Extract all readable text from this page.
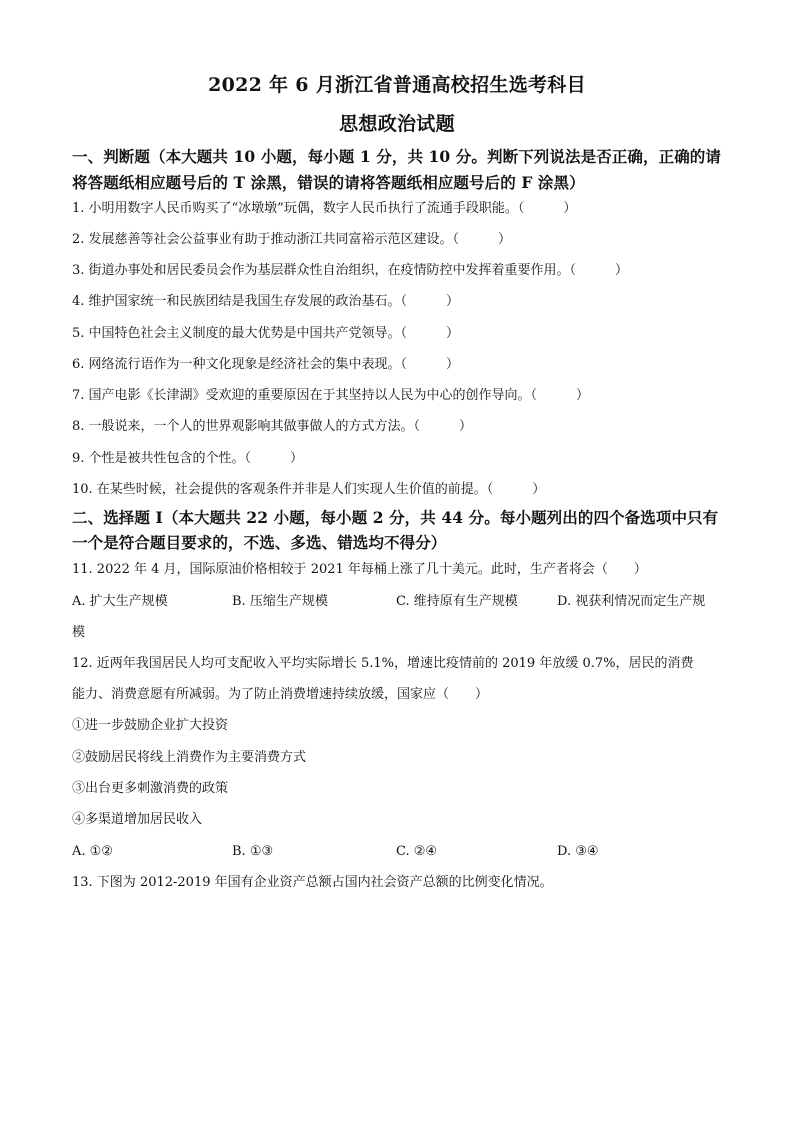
2022 年 6 月浙江省普通高校招生选考科目
思想政治试题
一、判断题（本大题共 10 小题，每小题 1 分，共 10 分。判断下列说法是否正确，正确的请
将答题纸相应题号后的 T 涂黑，错误的请将答题纸相应题号后的 F 涂黑）
1. 小明用数字人民币购买了“冰墩墩”玩偶，数字人民币执行了流通手段职能。（　　　）
2. 发展慈善等社会公益事业有助于推动浙江共同富裕示范区建设。（　　　）
3. 街道办事处和居民委员会作为基层群众性自治组织，在疫情防控中发挥着重要作用。（　　　）
4. 维护国家统一和民族团结是我国生存发展的政治基石。（　　　）
5. 中国特色社会主义制度的最大优势是中国共产党领导。（　　　）
6. 网络流行语作为一种文化现象是经济社会的集中表现。（　　　）
7. 国产电影《长津湖》受欢迎的重要原因在于其坚持以人民为中心的创作导向。（　　　）
8. 一般说来，一个人的世界观影响其做事做人的方式方法。（　　　）
9. 个性是被共性包含的个性。（　　　）
10. 在某些时候，社会提供的客观条件并非是人们实现人生价值的前提。（　　　）
二、选择题 I（本大题共 22 小题，每小题 2 分，共 44 分。每小题列出的四个备选项中只有
一个是符合题目要求的，不选、多选、错选均不得分）
11. 2022 年 4 月，国际原油价格相较于 2021 年每桶上涨了几十美元。此时，生产者将会（　　）
A. 扩大生产规模	B. 压缩生产规模	C. 维持原有生产规模	D. 视获利情况而定生产规
模
12. 近两年我国居民人均可支配收入平均实际增长 5.1%，增速比疫情前的 2019 年放缓 0.7%，居民的消费
能力、消费意愿有所减弱。为了防止消费增速持续放缓，国家应（　　）
①进一步鼓励企业扩大投资
②鼓励居民将线上消费作为主要消费方式
③出台更多刺激消费的政策
④多渠道增加居民收入
A. ①②	B. ①③	C. ②④	D. ③④
13. 下图为 2012-2019 年国有企业资产总额占国内社会资产总额的比例变化情况。
